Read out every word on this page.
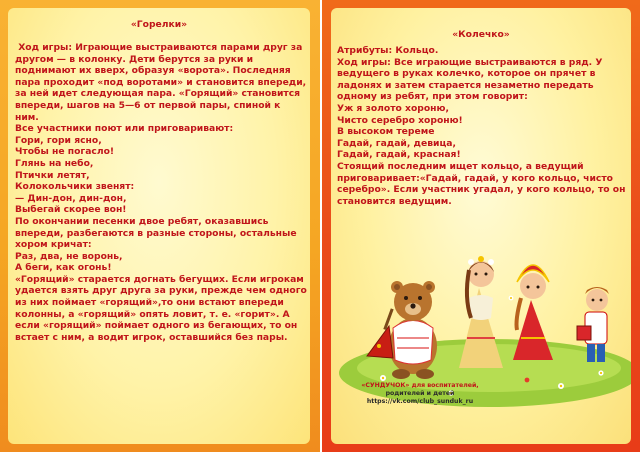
«Горелки»
Ход игры: Играющие выстраиваются парами друг за
другом — в колонку. Дети берутся за руки и
поднимают их вверх, образуя «ворота». Последняя
пара проходит «под воротами» и становится впереди,
за ней идет следующая пара. «Горящий» становится
впереди, шагов на 5—6 от первой пары, спиной к ним.
Все участники поют или приговаривают:
Гори, гори ясно,
Чтобы не погасло!
Глянь на небо,
Птички летят,
Колокольчики звенят:
— Дин-дон, дин-дон,
Выбегай скорее вон!
По окончании песенки двое ребят, оказавшись
впереди, разбегаются в разные стороны, остальные
хором кричат:
Раз, два, не воронь,
А беги, как огонь!
«Горящий» старается догнать бегущих. Если игрокам
удается взять друг друга за руки, прежде чем одного
из них поймает «горящий»,то они встают впереди
колонны, а «горящий» опять ловит, т. е. «горит». А
если «горящий» поймает одного из бегающих, то он
встает с ним, а водит игрок, оставшийся без пары.
«Колечко»
Атрибуты: Кольцо.
Ход игры: Все играющие выстраиваются в ряд. У
ведущего в руках колечко, которое он прячет в
ладонях и затем старается незаметно передать
одному из ребят, при этом говорит:
Уж я золото хороню,
Чисто серебро хороню!
В высоком тереме
Гадай, гадай, девица,
Гадай, гадай, красная!
Стоящий последним ищет кольцо, а ведущий
приговаривает:«Гадай, гадай, у кого кольцо, чисто
серебро». Если участник угадал, у кого кольцо, то он
становится ведущим.
«СУНДУЧОК» для воспитателей,
родителей и детей
https://vk.com/club_sunduk_ru
